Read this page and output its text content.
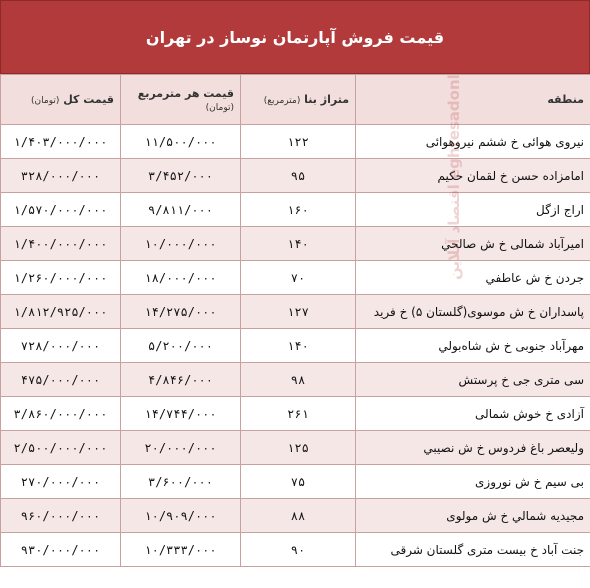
قیمت فروش آپارتمان نوساز در تهران
منطقه	متراژ بنا (مترمربع)	قیمت هر مترمربع (تومان)	قیمت کل (تومان)
نیروی هوائی خ ششم نیروهوائی	۱۲۲	۱۱/۵۰۰/۰۰۰	۱/۴۰۳/۰۰۰/۰۰۰
امامزاده حسن خ لقمان حکیم	۹۵	۳/۴۵۲/۰۰۰	۳۲۸/۰۰۰/۰۰۰
اراج ازگل	۱۶۰	۹/۸۱۱/۰۰۰	۱/۵۷۰/۰۰۰/۰۰۰
امیرآباد شمالی خ ش صالحي	۱۴۰	۱۰/۰۰۰/۰۰۰	۱/۴۰۰/۰۰۰/۰۰۰
جردن خ ش عاطفي	۷۰	۱۸/۰۰۰/۰۰۰	۱/۲۶۰/۰۰۰/۰۰۰
پاسداران خ ش موسوی(گلستان ۵) خ فرید	۱۲۷	۱۴/۲۷۵/۰۰۰	۱/۸۱۲/۹۲۵/۰۰۰
مهرآباد جنوبی خ ش شاه‌بولي	۱۴۰	۵/۲۰۰/۰۰۰	۷۲۸/۰۰۰/۰۰۰
سی متری جی خ پرستش	۹۸	۴/۸۴۶/۰۰۰	۴۷۵/۰۰۰/۰۰۰
آزادی خ خوش شمالی	۲۶۱	۱۴/۷۴۴/۰۰۰	۳/۸۶۰/۰۰۰/۰۰۰
ولیعصر باغ فردوس خ ش نصیبي	۱۲۵	۲۰/۰۰۰/۰۰۰	۲/۵۰۰/۰۰۰/۰۰۰
بی سیم خ ش نوروزی	۷۵	۳/۶۰۰/۰۰۰	۲۷۰/۰۰۰/۰۰۰
مجیدیه شمالي خ ش مولوی	۸۸	۱۰/۹۰۹/۰۰۰	۹۶۰/۰۰۰/۰۰۰
جنت آباد خ بیست متری گلستان شرقی	۹۰	۱۰/۳۳۳/۰۰۰	۹۳۰/۰۰۰/۰۰۰
اقتصاد آنلاین eghtesadonline.com
